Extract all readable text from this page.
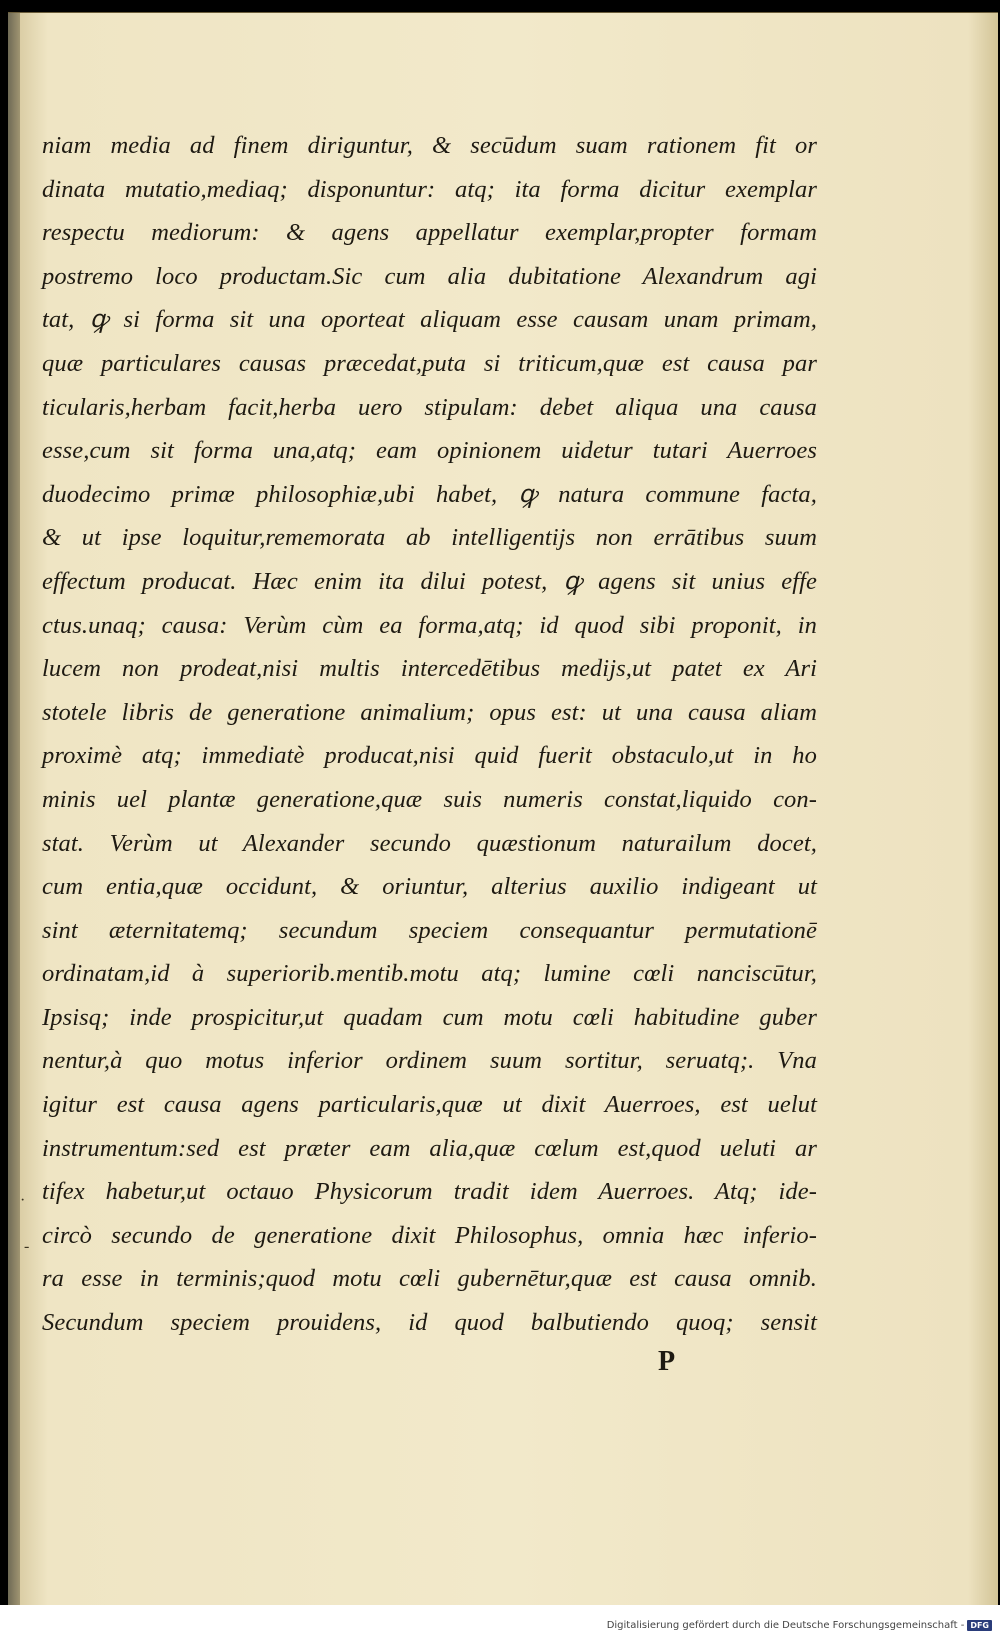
niam media ad finem diriguntur, & secūdum suam rationem fit or
dinata mutatio,mediaq; disponuntur: atq; ita forma dicitur exemplar
respectu mediorum: & agens appellatur exemplar,propter formam
postremo loco productam.Sic cum alia dubitatione Alexandrum agi
tat, ꝙ si forma sit una oporteat aliquam esse causam unam primam,
quæ particulares causas præcedat,puta si triticum,quæ est causa par
ticularis,herbam facit,herba uero stipulam: debet aliqua una causa
esse,cum sit forma una,atq; eam opinionem uidetur tutari Auerroes
duodecimo primæ philosophiæ,ubi habet, ꝙ natura commune facta,
& ut ipse loquitur,rememorata ab intelligentijs non errātibus suum
effectum producat. Hæc enim ita dilui potest, ꝙ agens sit unius effe
ctus.unaq; causa: Verùm cùm ea forma,atq; id quod sibi proponit, in
lucem non prodeat,nisi multis intercedētibus medijs,ut patet ex Ari
stotele libris de generatione animalium; opus est: ut una causa aliam
proximè atq; immediatè producat,nisi quid fuerit obstaculo,ut in ho
minis uel plantæ generatione,quæ suis numeris constat,liquido con-
stat. Verùm ut Alexander secundo quæstionum naturailum docet,
cum entia,quæ occidunt, & oriuntur, alterius auxilio indigeant ut
sint æternitatemq; secundum speciem consequantur permutationē
ordinatam,id à superiorib.mentib.motu atq; lumine cœli nanciscūtur,
Ipsisq; inde prospicitur,ut quadam cum motu cœli habitudine guber
nentur,à quo motus inferior ordinem suum sortitur, seruatq;. Vna
igitur est causa agens particularis,quæ ut dixit Auerroes, est uelut
instrumentum:sed est præter eam alia,quæ cœlum est,quod ueluti ar
tifex habetur,ut octauo Physicorum tradit idem Auerroes. Atq; ide-
circò secundo de generatione dixit Philosophus, omnia hæc inferio-
ra esse in terminis;quod motu cœli gubernētur,quæ est causa omnib.
Secundum speciem prouidens, id quod balbutiendo quoq; sensit
·
-
P
Digitalisierung gefördert durch die Deutsche Forschungsgemeinschaft - DFG
